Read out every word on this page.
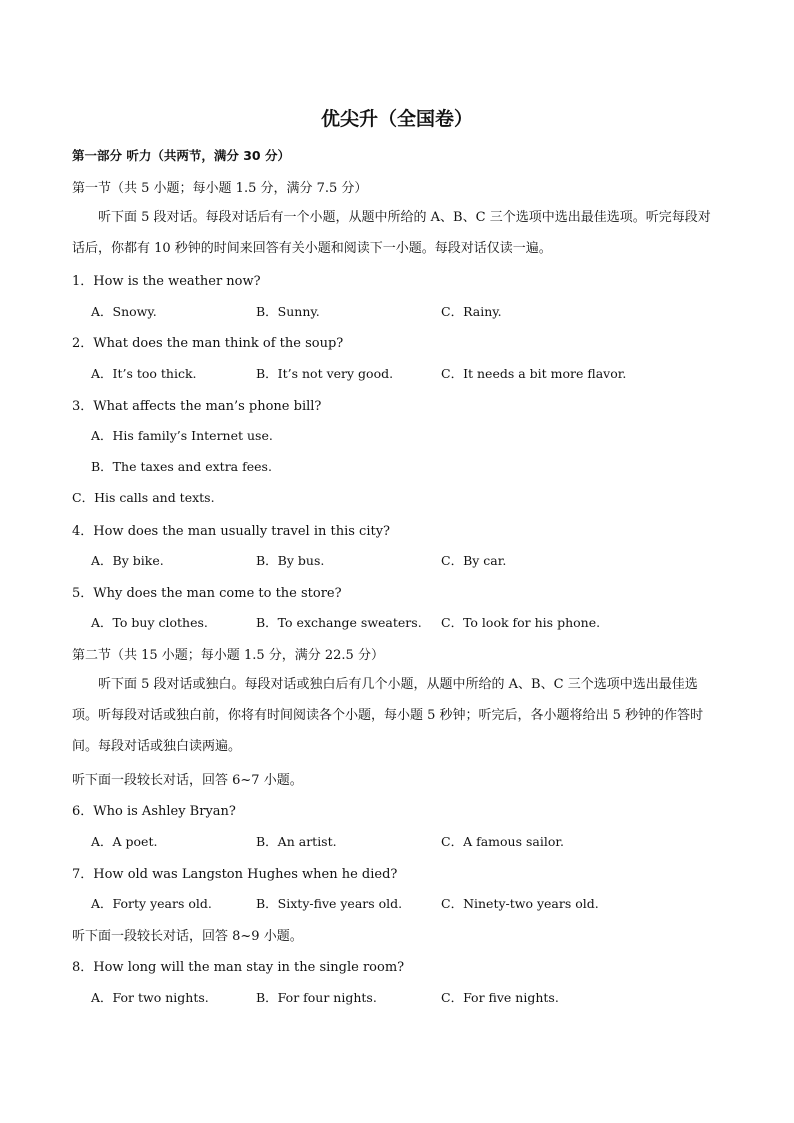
优尖升（全国卷）
第一部分 听力（共两节，满分 30 分）
第一节（共 5 小题；每小题 1.5 分，满分 7.5 分）
听下面 5 段对话。每段对话后有一个小题，从题中所给的 A、B、C 三个选项中选出最佳选项。听完每段对话后，你都有 10 秒钟的时间来回答有关小题和阅读下一小题。每段对话仅读一遍。
1．How is the weather now?
A．Snowy.	B．Sunny.	C．Rainy.
2．What does the man think of the soup?
A．It’s too thick.	B．It’s not very good.	C．It needs a bit more flavor.
3．What affects the man’s phone bill?
A．His family’s Internet use.
B．The taxes and extra fees.
C．His calls and texts.
4．How does the man usually travel in this city?
A．By bike.	B．By bus.	C．By car.
5．Why does the man come to the store?
A．To buy clothes.	B．To exchange sweaters. C．To look for his phone.
第二节（共 15 小题；每小题 1.5 分，满分 22.5 分）
听下面 5 段对话或独白。每段对话或独白后有几个小题，从题中所给的 A、B、C 三个选项中选出最佳选项。听每段对话或独白前，你将有时间阅读各个小题，每小题 5 秒钟；听完后，各小题将给出 5 秒钟的作答时间。每段对话或独白读两遍。
听下面一段较长对话，回答 6~7 小题。
6．Who is Ashley Bryan?
A．A poet.	B．An artist.	C．A famous sailor.
7．How old was Langston Hughes when he died?
A．Forty years old.	B．Sixty-five years old.	C．Ninety-two years old.
听下面一段较长对话，回答 8~9 小题。
8．How long will the man stay in the single room?
A．For two nights.	B．For four nights.	C．For five nights.
